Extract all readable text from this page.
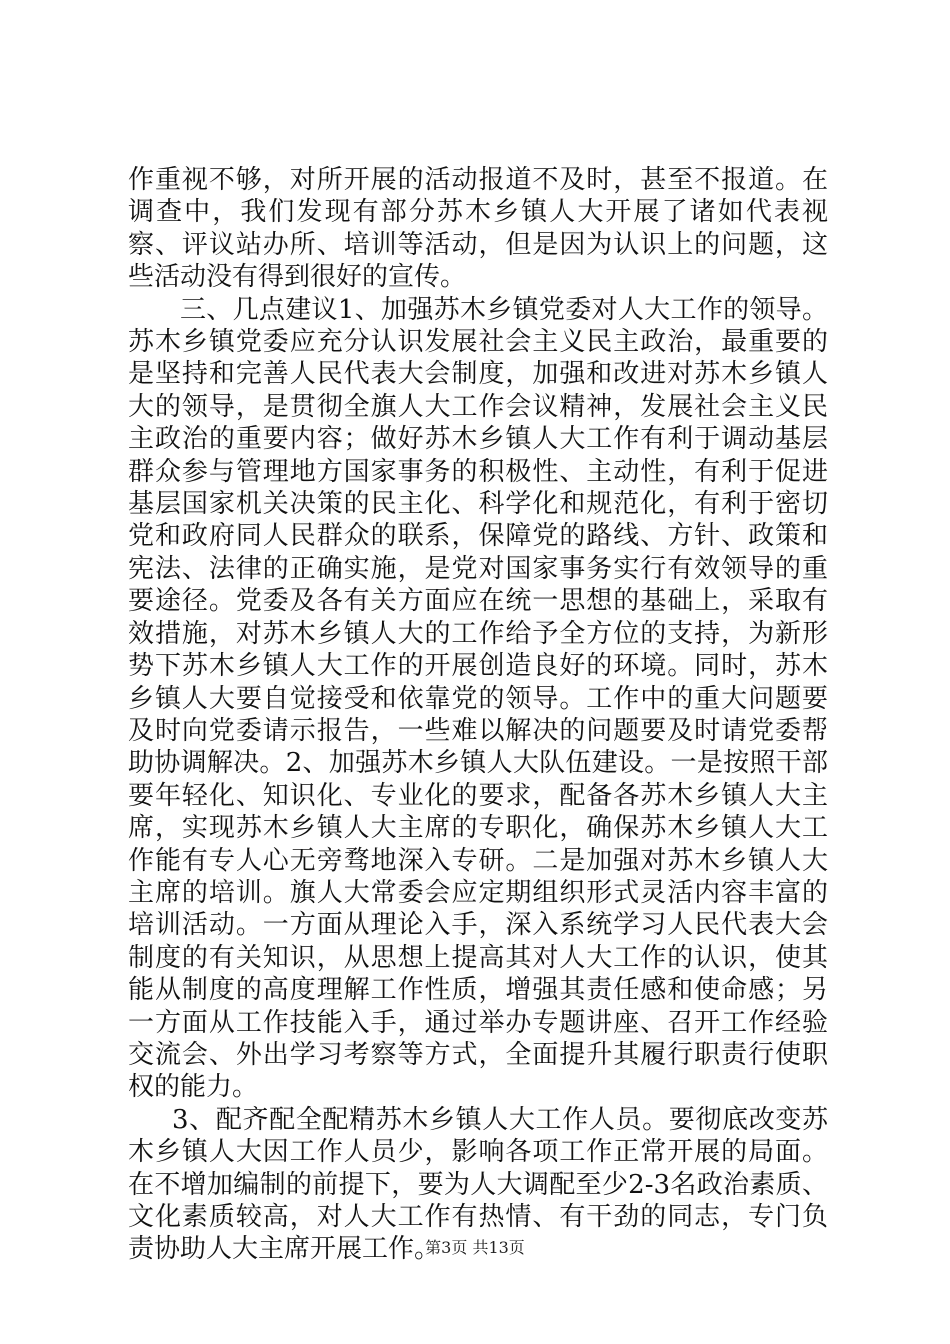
作重视不够，对所开展的活动报道不及时，甚至不报道。在调查中，我们发现有部分苏木乡镇人大开展了诸如代表视察、评议站办所、培训等活动，但是因为认识上的问题，这些活动没有得到很好的宣传。

三、几点建议1、加强苏木乡镇党委对人大工作的领导。苏木乡镇党委应充分认识发展社会主义民主政治，最重要的是坚持和完善人民代表大会制度，加强和改进对苏木乡镇人大的领导，是贯彻全旗人大工作会议精神，发展社会主义民主政治的重要内容；做好苏木乡镇人大工作有利于调动基层群众参与管理地方国家事务的积极性、主动性，有利于促进基层国家机关决策的民主化、科学化和规范化，有利于密切党和政府同人民群众的联系，保障党的路线、方针、政策和宪法、法律的正确实施，是党对国家事务实行有效领导的重要途径。党委及各有关方面应在统一思想的基础上，采取有效措施，对苏木乡镇人大的工作给予全方位的支持，为新形势下苏木乡镇人大工作的开展创造良好的环境。同时，苏木乡镇人大要自觉接受和依靠党的领导。工作中的重大问题要及时向党委请示报告，一些难以解决的问题要及时请党委帮助协调解决。2、加强苏木乡镇人大队伍建设。一是按照干部要年轻化、知识化、专业化的要求，配备各苏木乡镇人大主席，实现苏木乡镇人大主席的专职化，确保苏木乡镇人大工作能有专人心无旁骛地深入专研。二是加强对苏木乡镇人大主席的培训。旗人大常委会应定期组织形式灵活内容丰富的培训活动。一方面从理论入手，深入系统学习人民代表大会制度的有关知识，从思想上提高其对人大工作的认识，使其能从制度的高度理解工作性质，增强其责任感和使命感；另一方面从工作技能入手，通过举办专题讲座、召开工作经验交流会、外出学习考察等方式，全面提升其履行职责行使职权的能力。

3、配齐配全配精苏木乡镇人大工作人员。要彻底改变苏木乡镇人大因工作人员少，影响各项工作正常开展的局面。在不增加编制的前提下，要为人大调配至少2-3名政治素质、文化素质较高，对人大工作有热情、有干劲的同志，专门负责协助人大主席开展工作。

第3页 共13页
